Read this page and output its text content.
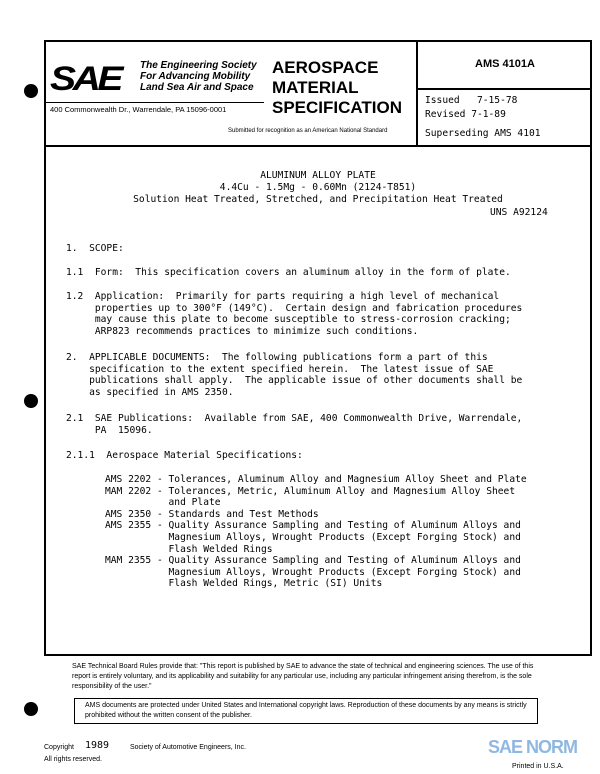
SAE The Engineering Society
For Advancing Mobility
Land Sea Air and Space
400 Commonwealth Dr., Warrendale, PA 15096-0001
AEROSPACE
MATERIAL
SPECIFICATION
Submitted for recognition as an American National Standard
AMS 4101A
Issued   7-15-78
Revised 7-1-89
Superseding AMS 4101
ALUMINUM ALLOY PLATE
4.4Cu - 1.5Mg - 0.60Mn (2124-T851)
Solution Heat Treated, Stretched, and Precipitation Heat Treated
UNS A92124
1.  SCOPE:
1.1  Form:  This specification covers an aluminum alloy in the form of plate.
1.2  Application:  Primarily for parts requiring a high level of mechanical
properties up to 300°F (149°C).  Certain design and fabrication procedures
may cause this plate to become susceptible to stress-corrosion cracking;
ARP823 recommends practices to minimize such conditions.
2.  APPLICABLE DOCUMENTS:  The following publications form a part of this
specification to the extent specified herein.  The latest issue of SAE
publications shall apply.  The applicable issue of other documents shall be
as specified in AMS 2350.
2.1  SAE Publications:  Available from SAE, 400 Commonwealth Drive, Warrendale,
PA  15096.
2.1.1  Aerospace Material Specifications:
AMS 2202 - Tolerances, Aluminum Alloy and Magnesium Alloy Sheet and Plate
MAM 2202 - Tolerances, Metric, Aluminum Alloy and Magnesium Alloy Sheet
and Plate
AMS 2350 - Standards and Test Methods
AMS 2355 - Quality Assurance Sampling and Testing of Aluminum Alloys and
Magnesium Alloys, Wrought Products (Except Forging Stock) and
Flash Welded Rings
MAM 2355 - Quality Assurance Sampling and Testing of Aluminum Alloys and
Magnesium Alloys, Wrought Products (Except Forging Stock) and
Flash Welded Rings, Metric (SI) Units
SAE Technical Board Rules provide that: "This report is published by SAE to advance the state of technical and engineering sciences. The use of this report is entirely voluntary, and its applicability and suitability for any particular use, including any particular infringement arising therefrom, is the sole responsibility of the user."
AMS documents are protected under United States and International copyright laws. Reproduction of these documents by any means is strictly prohibited without the written consent of the publisher.
Copyright 1989
All rights reserved.
Society of Automotive Engineers, Inc.	SAE NORM
Printed in U.S.A.
